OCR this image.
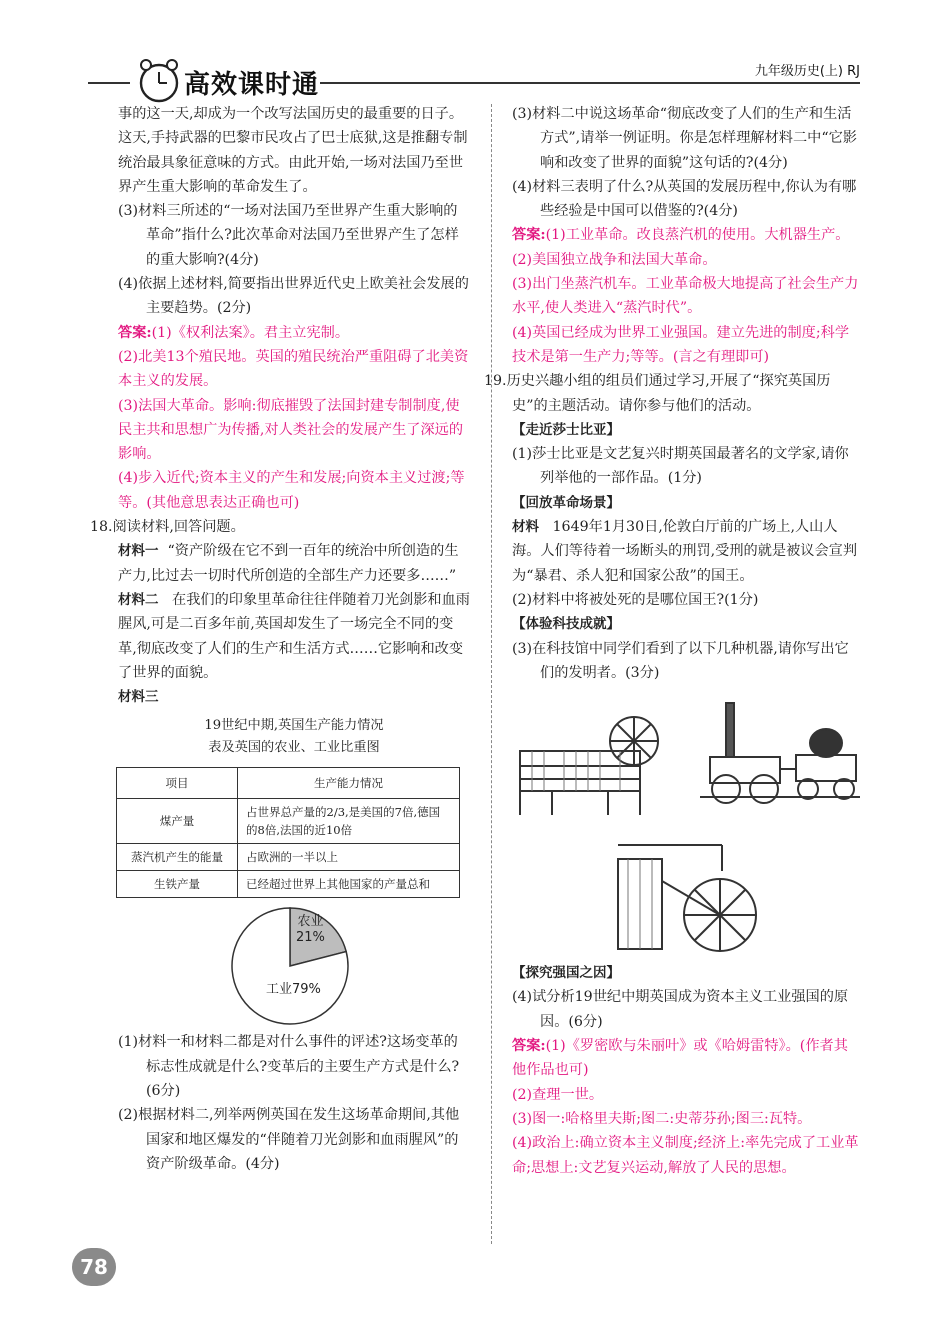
高效课时通	九年级历史(上) RJ

事的这一天,却成为一个改写法国历史的最重要的日子。这天,手持武器的巴黎市民攻占了巴士底狱,这是推翻专制统治最具象征意味的方式。由此开始,一场对法国乃至世界产生重大影响的革命发生了。

(3)材料三所述的“一场对法国乃至世界产生重大影响的革命”指什么?此次革命对法国乃至世界产生了怎样的重大影响?(4分)

(4)依据上述材料,简要指出世界近代史上欧美社会发展的主要趋势。(2分)

答案:(1)《权利法案》。君主立宪制。

(2)北美13个殖民地。英国的殖民统治严重阻碍了北美资本主义的发展。

(3)法国大革命。影响:彻底摧毁了法国封建专制制度,使民主共和思想广为传播,对人类社会的发展产生了深远的影响。

(4)步入近代;资本主义的产生和发展;向资本主义过渡;等等。(其他意思表达正确也可)

18.阅读材料,回答问题。

材料一 “资产阶级在它不到一百年的统治中所创造的生产力,比过去一切时代所创造的全部生产力还要多……”

材料二 在我们的印象里革命往往伴随着刀光剑影和血雨腥风,可是二百多年前,英国却发生了一场完全不同的变革,彻底改变了人们的生产和生活方式……它影响和改变了世界的面貌。

材料三

19世纪中期,英国生产能力情况
表及英国的农业、工业比重图
项目	生产能力情况
煤产量	占世界总产量的2/3,是美国的7倍,德国的8倍,法国的近10倍
蒸汽机产生的能量	占欧洲的一半以上
生铁产量	已经超过世界上其他国家的产量总和
农业
21%
工业79%

(1)材料一和材料二都是对什么事件的评述?这场变革的标志性成就是什么?变革后的主要生产方式是什么?(6分)

(2)根据材料二,列举两例英国在发生这场革命期间,其他国家和地区爆发的“伴随着刀光剑影和血雨腥风”的资产阶级革命。(4分)

(3)材料二中说这场革命“彻底改变了人们的生产和生活方式”,请举一例证明。你是怎样理解材料二中“它影响和改变了世界的面貌”这句话的?(4分)

(4)材料三表明了什么?从英国的发展历程中,你认为有哪些经验是中国可以借鉴的?(4分)

答案:(1)工业革命。改良蒸汽机的使用。大机器生产。

(2)美国独立战争和法国大革命。

(3)出门坐蒸汽机车。工业革命极大地提高了社会生产力水平,使人类进入“蒸汽时代”。

(4)英国已经成为世界工业强国。建立先进的制度;科学技术是第一生产力;等等。(言之有理即可)

19.历史兴趣小组的组员们通过学习,开展了“探究英国历史”的主题活动。请你参与他们的活动。

【走近莎士比亚】

(1)莎士比亚是文艺复兴时期英国最著名的文学家,请你列举他的一部作品。(1分)

【回放革命场景】

材料 1649年1月30日,伦敦白厅前的广场上,人山人海。人们等待着一场断头的刑罚,受刑的就是被议会宣判为“暴君、杀人犯和国家公敌”的国王。

(2)材料中将被处死的是哪位国王?(1分)

【体验科技成就】

(3)在科技馆中同学们看到了以下几种机器,请你写出它们的发明者。(3分)

【探究强国之因】

(4)试分析19世纪中期英国成为资本主义工业强国的原因。(6分)

答案:(1)《罗密欧与朱丽叶》或《哈姆雷特》。(作者其他作品也可)

(2)查理一世。

(3)图一:哈格里夫斯;图二:史蒂芬孙;图三:瓦特。

(4)政治上:确立资本主义制度;经济上:率先完成了工业革命;思想上:文艺复兴运动,解放了人民的思想。

78
